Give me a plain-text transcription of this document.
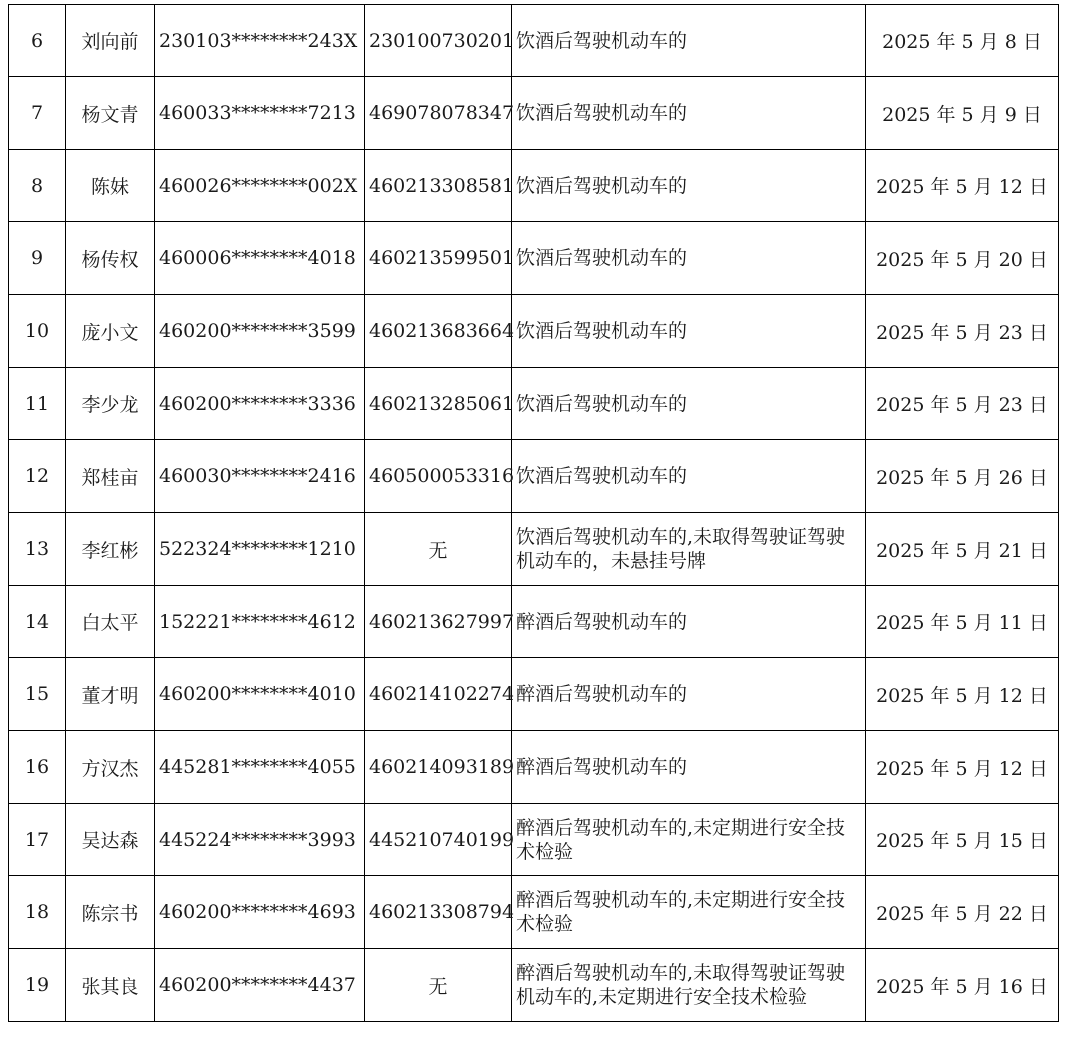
6	刘向前	230103********243X	230100730201	饮酒后驾驶机动车的	2025 年 5 月 8 日
7	杨文青	460033********7213	469078078347	饮酒后驾驶机动车的	2025 年 5 月 9 日
8	陈妹	460026********002X	460213308581	饮酒后驾驶机动车的	2025 年 5 月 12 日
9	杨传权	460006********4018	460213599501	饮酒后驾驶机动车的	2025 年 5 月 20 日
10	庞小文	460200********3599	460213683664	饮酒后驾驶机动车的	2025 年 5 月 23 日
11	李少龙	460200********3336	460213285061	饮酒后驾驶机动车的	2025 年 5 月 23 日
12	郑桂亩	460030********2416	460500053316	饮酒后驾驶机动车的	2025 年 5 月 26 日
13	李红彬	522324********1210	无	饮酒后驾驶机动车的,未取得驾驶证驾驶机动车的，未悬挂号牌	2025 年 5 月 21 日
14	白太平	152221********4612	460213627997	醉酒后驾驶机动车的	2025 年 5 月 11 日
15	董才明	460200********4010	460214102274	醉酒后驾驶机动车的	2025 年 5 月 12 日
16	方汉杰	445281********4055	460214093189	醉酒后驾驶机动车的	2025 年 5 月 12 日
17	吴达森	445224********3993	445210740199	醉酒后驾驶机动车的,未定期进行安全技术检验	2025 年 5 月 15 日
18	陈宗书	460200********4693	460213308794	醉酒后驾驶机动车的,未定期进行安全技术检验	2025 年 5 月 22 日
19	张其良	460200********4437	无	醉酒后驾驶机动车的,未取得驾驶证驾驶机动车的,未定期进行安全技术检验	2025 年 5 月 16 日
